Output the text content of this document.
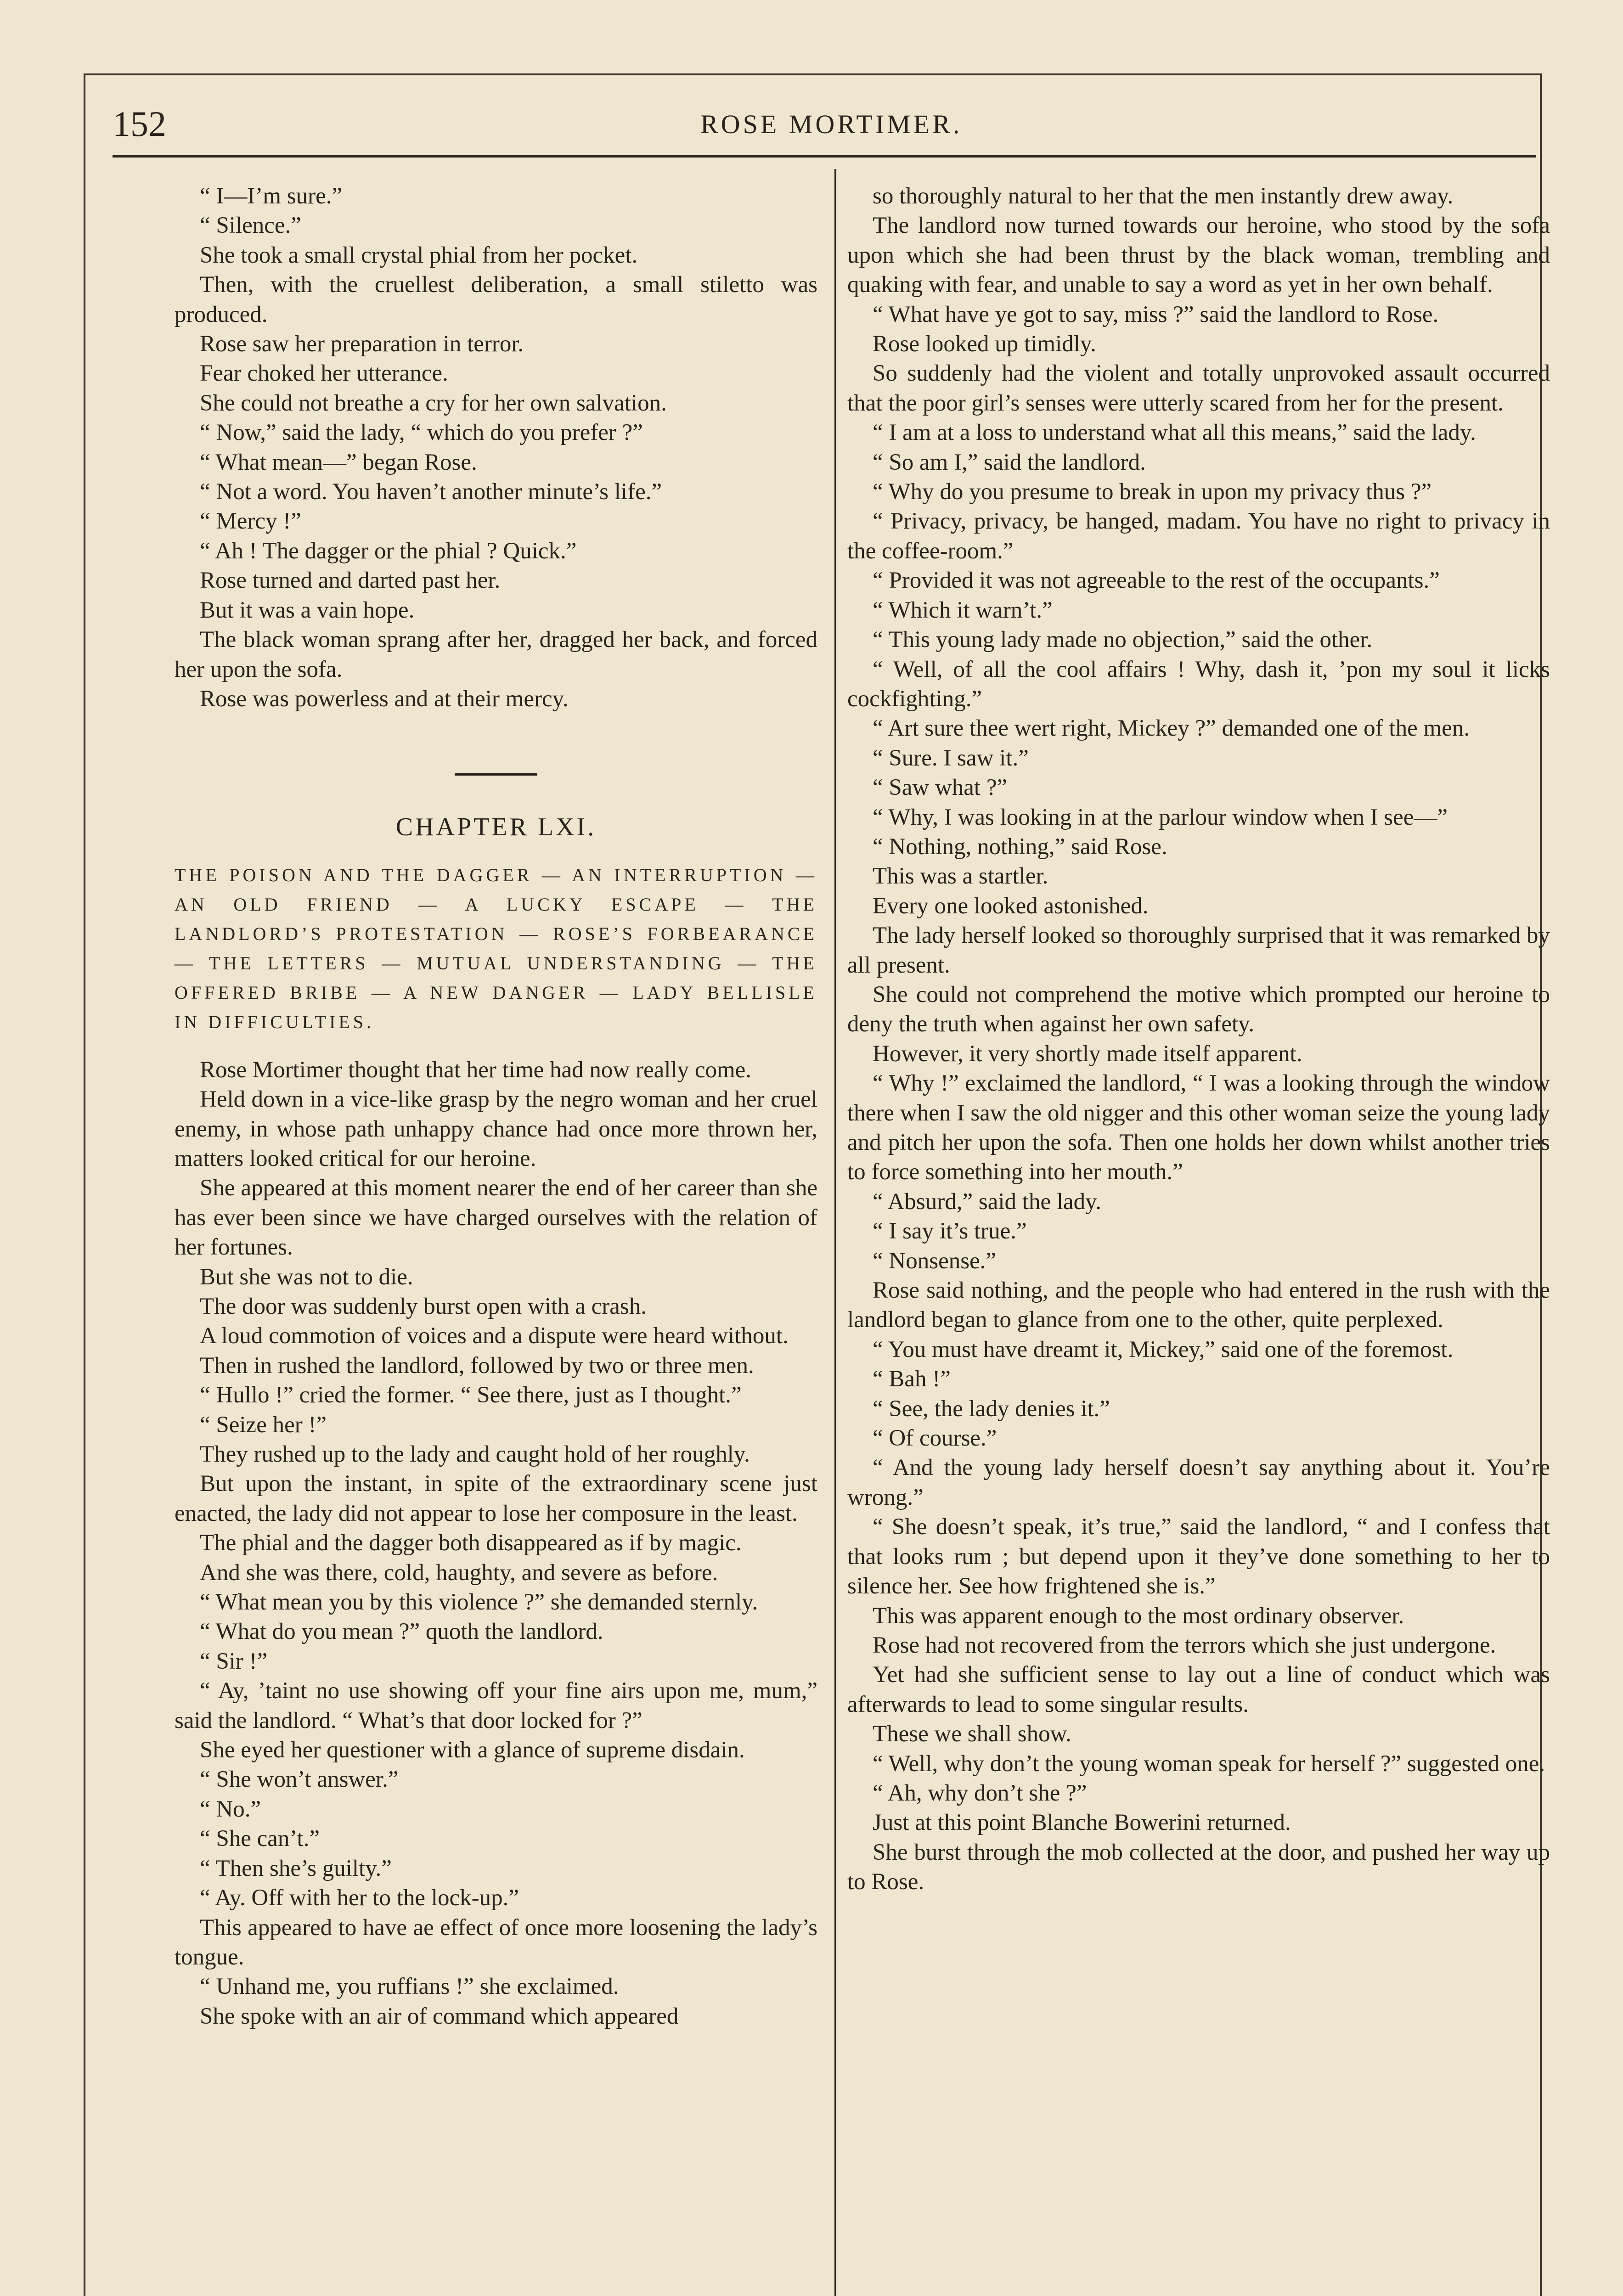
152	ROSE MORTIMER.

“ I—I’m sure.”

“ Silence.”

She took a small crystal phial from her pocket.

Then, with the cruellest deliberation, a small stiletto was produced.

Rose saw her preparation in terror.

Fear choked her utterance.

She could not breathe a cry for her own salvation.

“ Now,” said the lady, “ which do you prefer ?”

“ What mean—” began Rose.

“ Not a word. You haven’t another minute’s life.”

“ Mercy !”

“ Ah ! The dagger or the phial ? Quick.”

Rose turned and darted past her.

But it was a vain hope.

The black woman sprang after her, dragged her back, and forced her upon the sofa.

Rose was powerless and at their mercy.

CHAPTER LXI.
THE POISON AND THE DAGGER — AN INTERRUPTION — AN OLD FRIEND — A LUCKY ESCAPE — THE LANDLORD’S PROTESTATION — ROSE’S FORBEARANCE — THE LETTERS — MUTUAL UNDERSTANDING — THE OFFERED BRIBE — A NEW DANGER — LADY BELLISLE IN DIFFICULTIES.

Rose Mortimer thought that her time had now really come.

Held down in a vice-like grasp by the negro woman and her cruel enemy, in whose path unhappy chance had once more thrown her, matters looked critical for our heroine.

She appeared at this moment nearer the end of her career than she has ever been since we have charged ourselves with the relation of her fortunes.

But she was not to die.

The door was suddenly burst open with a crash.

A loud commotion of voices and a dispute were heard without.

Then in rushed the landlord, followed by two or three men.

“ Hullo !” cried the former. “ See there, just as I thought.”

“ Seize her !”

They rushed up to the lady and caught hold of her roughly.

But upon the instant, in spite of the extraordinary scene just enacted, the lady did not appear to lose her composure in the least.

The phial and the dagger both disappeared as if by magic.

And she was there, cold, haughty, and severe as before.

“ What mean you by this violence ?” she demanded sternly.

“ What do you mean ?” quoth the landlord.

“ Sir !”

“ Ay, ’taint no use showing off your fine airs upon me, mum,” said the landlord. “ What’s that door locked for ?”

She eyed her questioner with a glance of supreme disdain.

“ She won’t answer.”

“ No.”

“ She can’t.”

“ Then she’s guilty.”

“ Ay. Off with her to the lock-up.”

This appeared to have ae effect of once more loosening the lady’s tongue.

“ Unhand me, you ruffians !” she exclaimed.

She spoke with an air of command which appeared

so thoroughly natural to her that the men instantly drew away.

The landlord now turned towards our heroine, who stood by the sofa upon which she had been thrust by the black woman, trembling and quaking with fear, and unable to say a word as yet in her own behalf.

“ What have ye got to say, miss ?” said the landlord to Rose.

Rose looked up timidly.

So suddenly had the violent and totally unprovoked assault occurred that the poor girl’s senses were utterly scared from her for the present.

“ I am at a loss to understand what all this means,” said the lady.

“ So am I,” said the landlord.

“ Why do you presume to break in upon my privacy thus ?”

“ Privacy, privacy, be hanged, madam. You have no right to privacy in the coffee-room.”

“ Provided it was not agreeable to the rest of the occupants.”

“ Which it warn’t.”

“ This young lady made no objection,” said the other.

“ Well, of all the cool affairs ! Why, dash it, ’pon my soul it licks cockfighting.”

“ Art sure thee wert right, Mickey ?” demanded one of the men.

“ Sure. I saw it.”

“ Saw what ?”

“ Why, I was looking in at the parlour window when I see—”

“ Nothing, nothing,” said Rose.

This was a startler.

Every one looked astonished.

The lady herself looked so thoroughly surprised that it was remarked by all present.

She could not comprehend the motive which prompted our heroine to deny the truth when against her own safety.

However, it very shortly made itself apparent.

“ Why !” exclaimed the landlord, “ I was a looking through the window there when I saw the old nigger and this other woman seize the young lady and pitch her upon the sofa. Then one holds her down whilst another tries to force something into her mouth.”

“ Absurd,” said the lady.

“ I say it’s true.”

“ Nonsense.”

Rose said nothing, and the people who had entered in the rush with the landlord began to glance from one to the other, quite perplexed.

“ You must have dreamt it, Mickey,” said one of the foremost.

“ Bah !”

“ See, the lady denies it.”

“ Of course.”

“ And the young lady herself doesn’t say anything about it. You’re wrong.”

“ She doesn’t speak, it’s true,” said the landlord, “ and I confess that that looks rum ; but depend upon it they’ve done something to her to silence her. See how frightened she is.”

This was apparent enough to the most ordinary observer.

Rose had not recovered from the terrors which she just undergone.

Yet had she sufficient sense to lay out a line of conduct which was afterwards to lead to some singular results.

These we shall show.

“ Well, why don’t the young woman speak for herself ?” suggested one.

“ Ah, why don’t she ?”

Just at this point Blanche Bowerini returned.

She burst through the mob collected at the door, and pushed her way up to Rose.
